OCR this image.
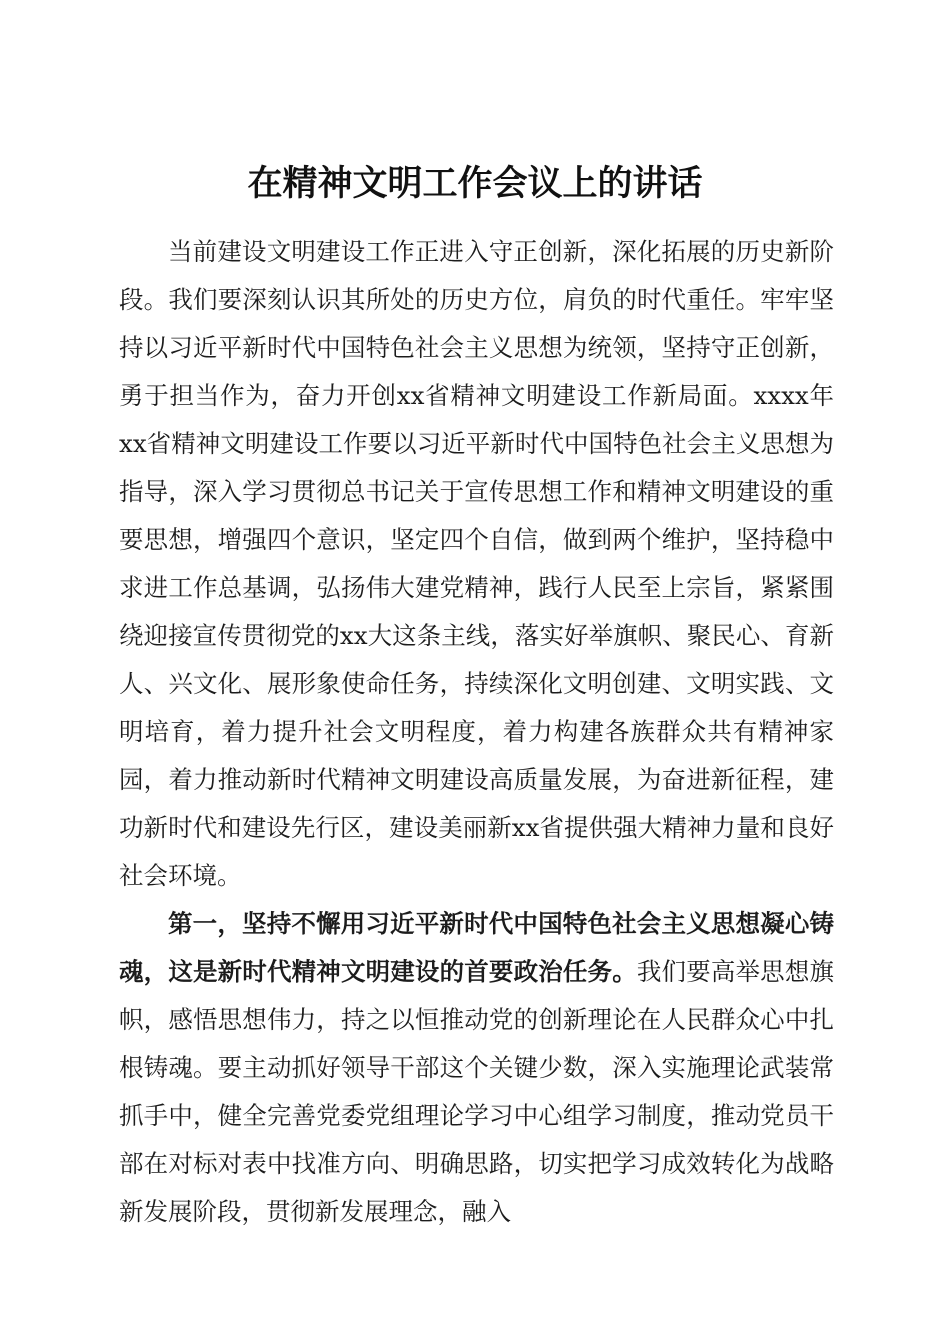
在精神文明工作会议上的讲话

当前建设文明建设工作正进入守正创新，深化拓展的历史新阶段。我们要深刻认识其所处的历史方位，肩负的时代重任。牢牢坚持以习近平新时代中国特色社会主义思想为统领，坚持守正创新，勇于担当作为，奋力开创xx省精神文明建设工作新局面。xxxx年xx省精神文明建设工作要以习近平新时代中国特色社会主义思想为指导，深入学习贯彻总书记关于宣传思想工作和精神文明建设的重要思想，增强四个意识，坚定四个自信，做到两个维护，坚持稳中求进工作总基调，弘扬伟大建党精神，践行人民至上宗旨，紧紧围绕迎接宣传贯彻党的xx大这条主线，落实好举旗帜、聚民心、育新人、兴文化、展形象使命任务，持续深化文明创建、文明实践、文明培育，着力提升社会文明程度，着力构建各族群众共有精神家园，着力推动新时代精神文明建设高质量发展，为奋进新征程，建功新时代和建设先行区，建设美丽新xx省提供强大精神力量和良好社会环境。

第一，坚持不懈用习近平新时代中国特色社会主义思想凝心铸魂，这是新时代精神文明建设的首要政治任务。我们要高举思想旗帜，感悟思想伟力，持之以恒推动党的创新理论在人民群众心中扎根铸魂。要主动抓好领导干部这个关键少数，深入实施理论武装常抓手中，健全完善党委党组理论学习中心组学习制度，推动党员干部在对标对表中找准方向、明确思路，切实把学习成效转化为战略新发展阶段，贯彻新发展理念，融入
